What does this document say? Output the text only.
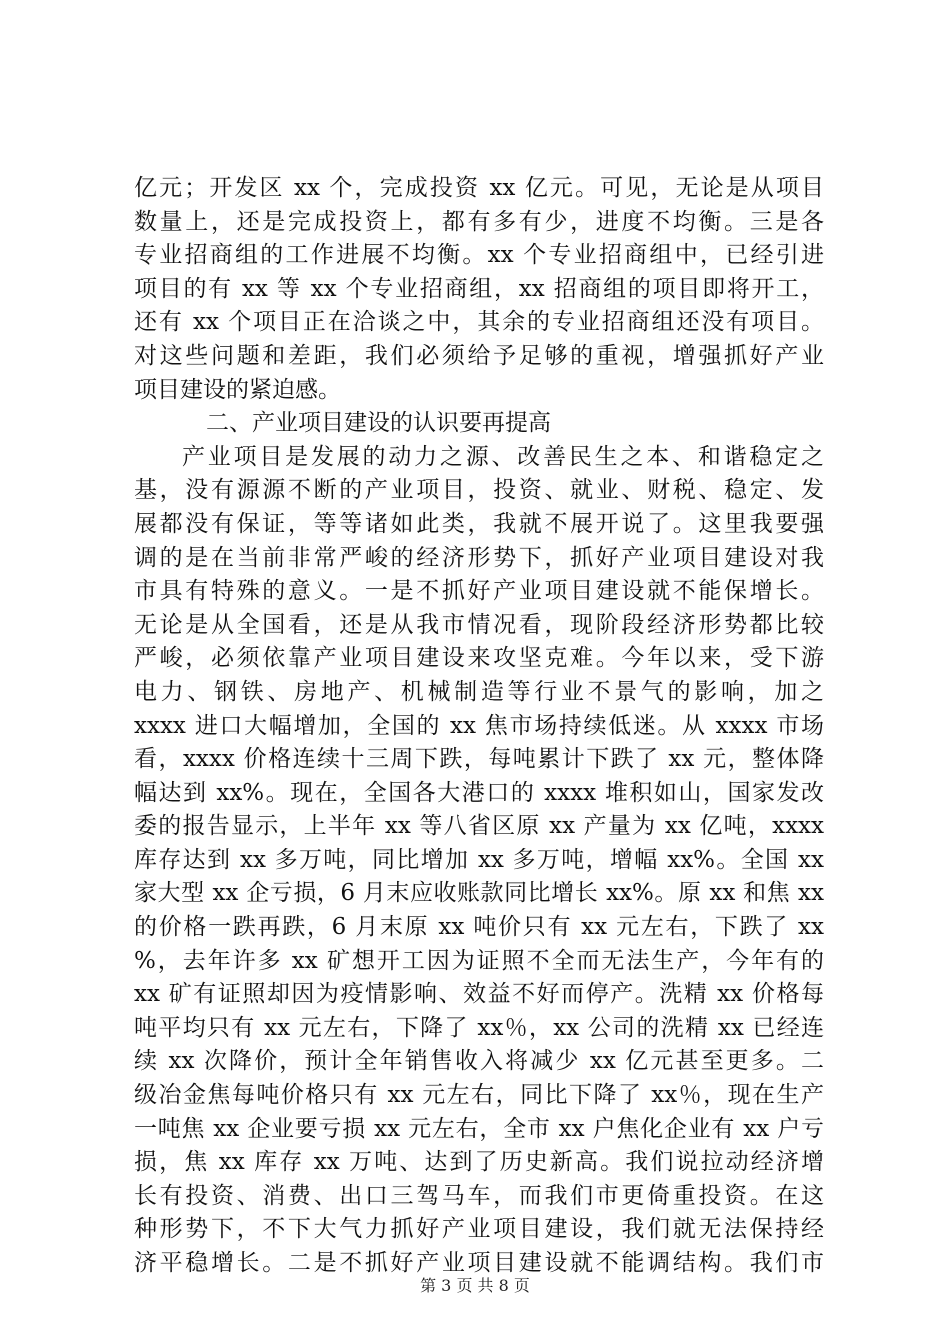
亿元；开发区 xx 个，完成投资 xx 亿元。可见，无论是从项目
数量上，还是完成投资上，都有多有少，进度不均衡。三是各
专业招商组的工作进展不均衡。xx 个专业招商组中，已经引进
项目的有 xx 等 xx 个专业招商组，xx 招商组的项目即将开工，
还有 xx 个项目正在洽谈之中，其余的专业招商组还没有项目。
对这些问题和差距，我们必须给予足够的重视，增强抓好产业
项目建设的紧迫感。
二、产业项目建设的认识要再提高
产业项目是发展的动力之源、改善民生之本、和谐稳定之
基，没有源源不断的产业项目，投资、就业、财税、稳定、发
展都没有保证，等等诸如此类，我就不展开说了。这里我要强
调的是在当前非常严峻的经济形势下，抓好产业项目建设对我
市具有特殊的意义。一是不抓好产业项目建设就不能保增长。
无论是从全国看，还是从我市情况看，现阶段经济形势都比较
严峻，必须依靠产业项目建设来攻坚克难。今年以来，受下游
电力、钢铁、房地产、机械制造等行业不景气的影响，加之
xxxx 进口大幅增加，全国的 xx 焦市场持续低迷。从 xxxx 市场
看，xxxx 价格连续十三周下跌，每吨累计下跌了 xx 元，整体降
幅达到 xx%。现在，全国各大港口的 xxxx 堆积如山，国家发改
委的报告显示，上半年 xx 等八省区原 xx 产量为 xx 亿吨，xxxx
库存达到 xx 多万吨，同比增加 xx 多万吨，增幅 xx%。全国 xx
家大型 xx 企亏损，6 月末应收账款同比增长 xx%。原 xx 和焦 xx
的价格一跌再跌，6 月末原 xx 吨价只有 xx 元左右，下跌了 xx
%，去年许多 xx 矿想开工因为证照不全而无法生产，今年有的
xx 矿有证照却因为疫情影响、效益不好而停产。洗精 xx 价格每
吨平均只有 xx 元左右，下降了 xx％，xx 公司的洗精 xx 已经连
续 xx 次降价，预计全年销售收入将减少 xx 亿元甚至更多。二
级冶金焦每吨价格只有 xx 元左右，同比下降了 xx％，现在生产
一吨焦 xx 企业要亏损 xx 元左右，全市 xx 户焦化企业有 xx 户亏
损，焦 xx 库存 xx 万吨、达到了历史新高。我们说拉动经济增
长有投资、消费、出口三驾马车，而我们市更倚重投资。在这
种形势下，不下大气力抓好产业项目建设，我们就无法保持经
济平稳增长。二是不抓好产业项目建设就不能调结构。我们市
第 3 页 共 8 页
